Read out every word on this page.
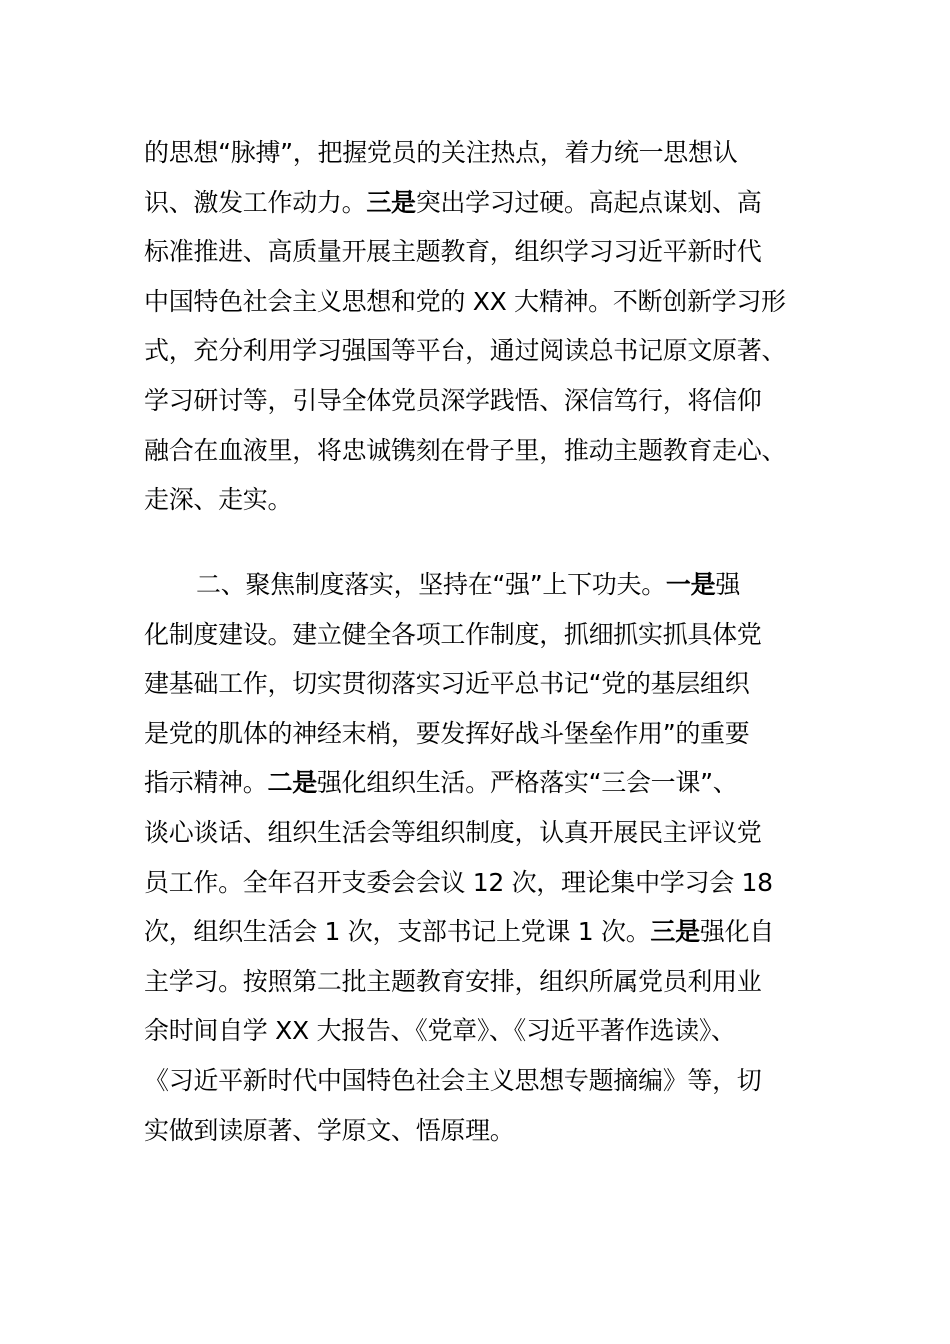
的思想“脉搏”，把握党员的关注热点，着力统一思想认
识、激发工作动力。三是突出学习过硬。高起点谋划、高
标准推进、高质量开展主题教育，组织学习习近平新时代
中国特色社会主义思想和党的 XX 大精神。不断创新学习形
式，充分利用学习强国等平台，通过阅读总书记原文原著、
学习研讨等，引导全体党员深学践悟、深信笃行，将信仰
融合在血液里，将忠诚镌刻在骨子里，推动主题教育走心、
走深、走实。
二、聚焦制度落实，坚持在“强”上下功夫。一是强
化制度建设。建立健全各项工作制度，抓细抓实抓具体党
建基础工作，切实贯彻落实习近平总书记“党的基层组织
是党的肌体的神经末梢，要发挥好战斗堡垒作用”的重要
指示精神。二是强化组织生活。严格落实“三会一课”、
谈心谈话、组织生活会等组织制度，认真开展民主评议党
员工作。全年召开支委会会议 12 次，理论集中学习会 18
次，组织生活会 1 次，支部书记上党课 1 次。三是强化自
主学习。按照第二批主题教育安排，组织所属党员利用业
余时间自学 XX 大报告、《党章》、《习近平著作选读》、
《习近平新时代中国特色社会主义思想专题摘编》等，切
实做到读原著、学原文、悟原理。
